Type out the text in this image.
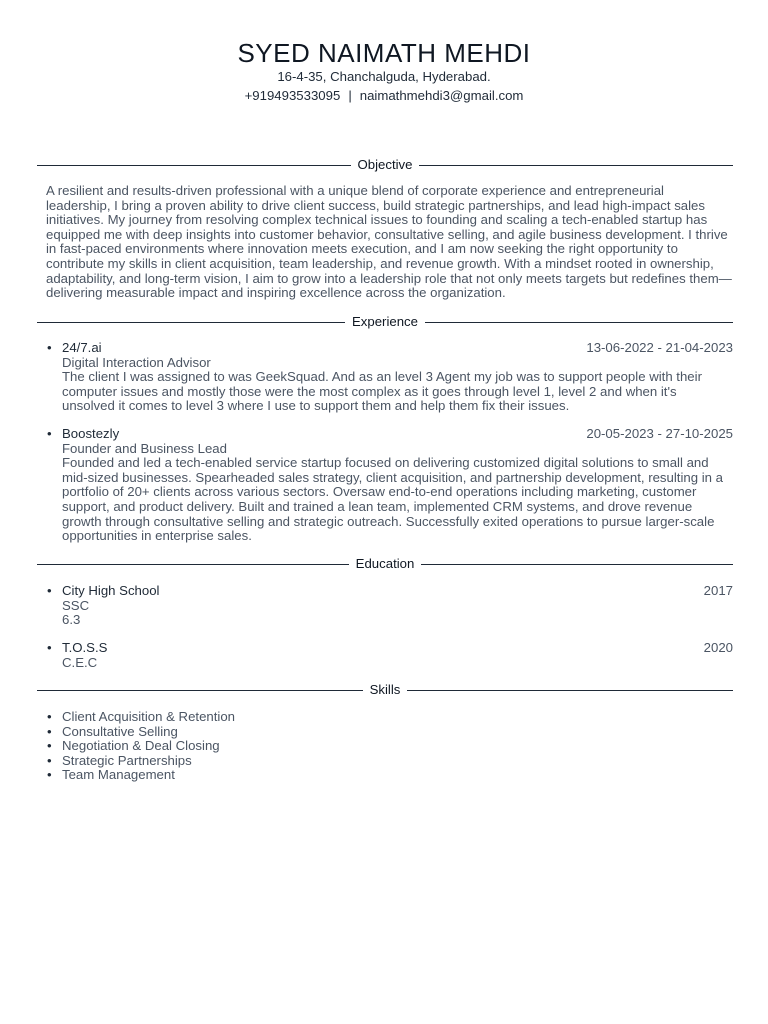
SYED NAIMATH MEHDI
16-4-35, Chanchalguda, Hyderabad.
+919493533095 | naimathmehdi3@gmail.com
Objective
A resilient and results-driven professional with a unique blend of corporate experience and entrepreneurial leadership, I bring a proven ability to drive client success, build strategic partnerships, and lead high-impact sales initiatives. My journey from resolving complex technical issues to founding and scaling a tech-enabled startup has equipped me with deep insights into customer behavior, consultative selling, and agile business development. I thrive in fast-paced environments where innovation meets execution, and I am now seeking the right opportunity to contribute my skills in client acquisition, team leadership, and revenue growth. With a mindset rooted in ownership, adaptability, and long-term vision, I aim to grow into a leadership role that not only meets targets but redefines them—delivering measurable impact and inspiring excellence across the organization.
Experience
• 24/7.ai	13-06-2022 - 21-04-2023
Digital Interaction Advisor
The client I was assigned to was GeekSquad. And as an level 3 Agent my job was to support people with their computer issues and mostly those were the most complex as it goes through level 1, level 2 and when it's unsolved it comes to level 3 where I use to support them and help them fix their issues.
• Boostezly	20-05-2023 - 27-10-2025
Founder and Business Lead
Founded and led a tech-enabled service startup focused on delivering customized digital solutions to small and mid-sized businesses. Spearheaded sales strategy, client acquisition, and partnership development, resulting in a portfolio of 20+ clients across various sectors. Oversaw end-to-end operations including marketing, customer support, and product delivery. Built and trained a lean team, implemented CRM systems, and drove revenue growth through consultative selling and strategic outreach. Successfully exited operations to pursue larger-scale opportunities in enterprise sales.
Education
• City High School	2017
SSC
6.3
• T.O.S.S	2020
C.E.C
Skills
• Client Acquisition & Retention
• Consultative Selling
• Negotiation & Deal Closing
• Strategic Partnerships
• Team Management
